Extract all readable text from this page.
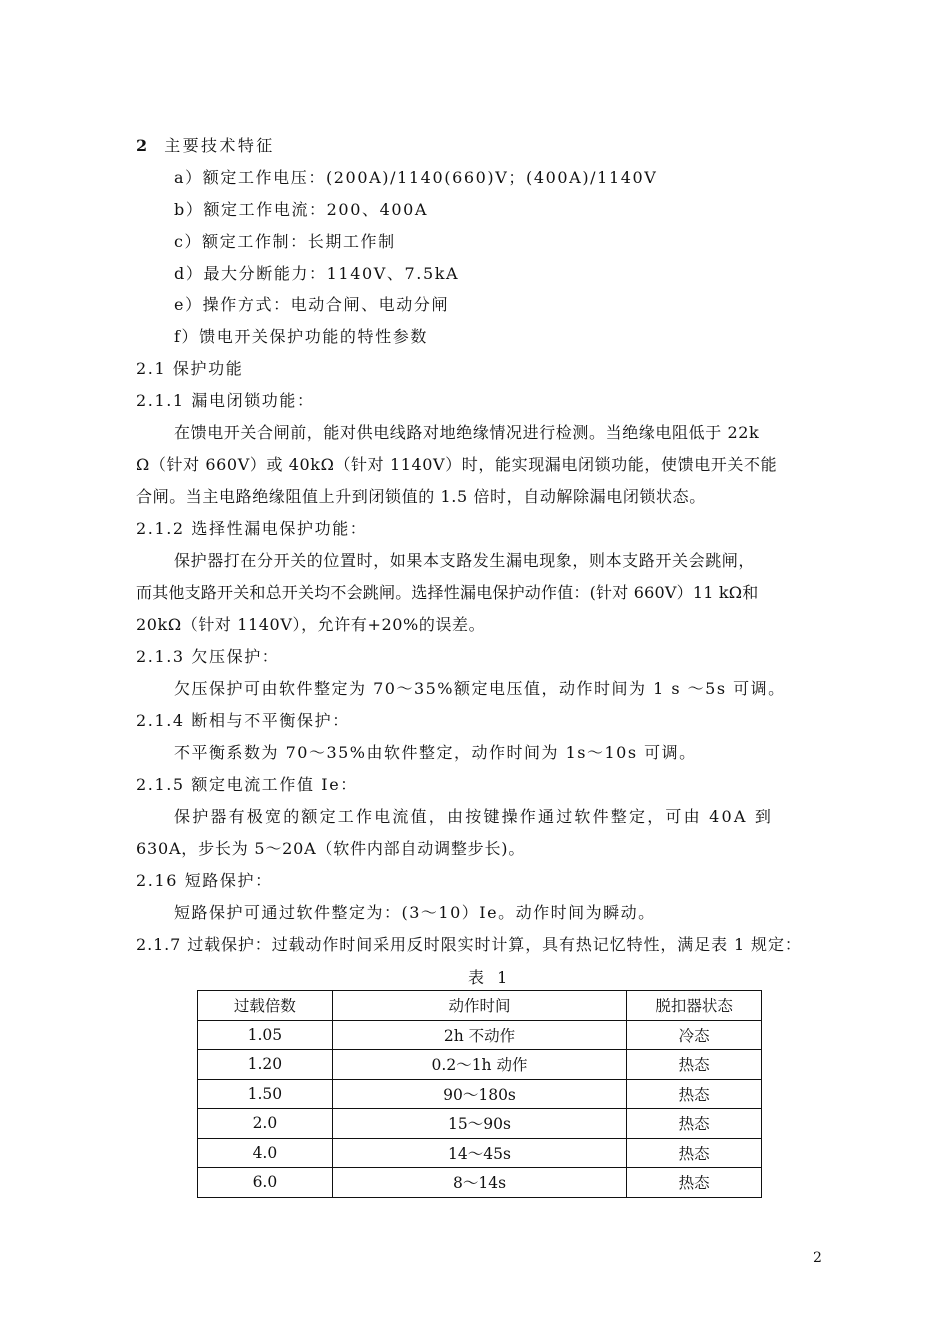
2 主要技术特征
a）额定工作电压：(200A)/1140(660)V；(400A)/1140V
b）额定工作电流：200、400A
c）额定工作制：长期工作制
d）最大分断能力：1140V、7.5kA
e）操作方式：电动合闸、电动分闸
f）馈电开关保护功能的特性参数
2.1 保护功能
2.1.1 漏电闭锁功能：
在馈电开关合闸前，能对供电线路对地绝缘情况进行检测。当绝缘电阻低于 22k
Ω（针对 660V）或 40kΩ（针对 1140V）时，能实现漏电闭锁功能，使馈电开关不能
合闸。当主电路绝缘阻值上升到闭锁值的 1.5 倍时，自动解除漏电闭锁状态。
2.1.2 选择性漏电保护功能：
保护器打在分开关的位置时，如果本支路发生漏电现象，则本支路开关会跳闸，
而其他支路开关和总开关均不会跳闸。选择性漏电保护动作值：(针对 660V）11 kΩ和
20kΩ（针对 1140V），允许有+20%的误差。
2.1.3 欠压保护：
欠压保护可由软件整定为 70～35%额定电压值，动作时间为 1 s ～5s 可调。
2.1.4 断相与不平衡保护：
不平衡系数为 70～35%由软件整定，动作时间为 1s～10s 可调。
2.1.5 额定电流工作值 Ie：
保护器有极宽的额定工作电流值，由按键操作通过软件整定，可由 40A 到
630A，步长为 5～20A（软件内部自动调整步长)。
2.16 短路保护：
短路保护可通过软件整定为：(3～10）Ie。动作时间为瞬动。
2.1.7 过载保护：过载动作时间采用反时限实时计算，具有热记忆特性，满足表 1 规定：
表 1
过载倍数	动作时间	脱扣器状态
1.05	2h 不动作	冷态
1.20	0.2～1h 动作	热态
1.50	90～180s	热态
2.0	15～90s	热态
4.0	14～45s	热态
6.0	8～14s	热态
2
